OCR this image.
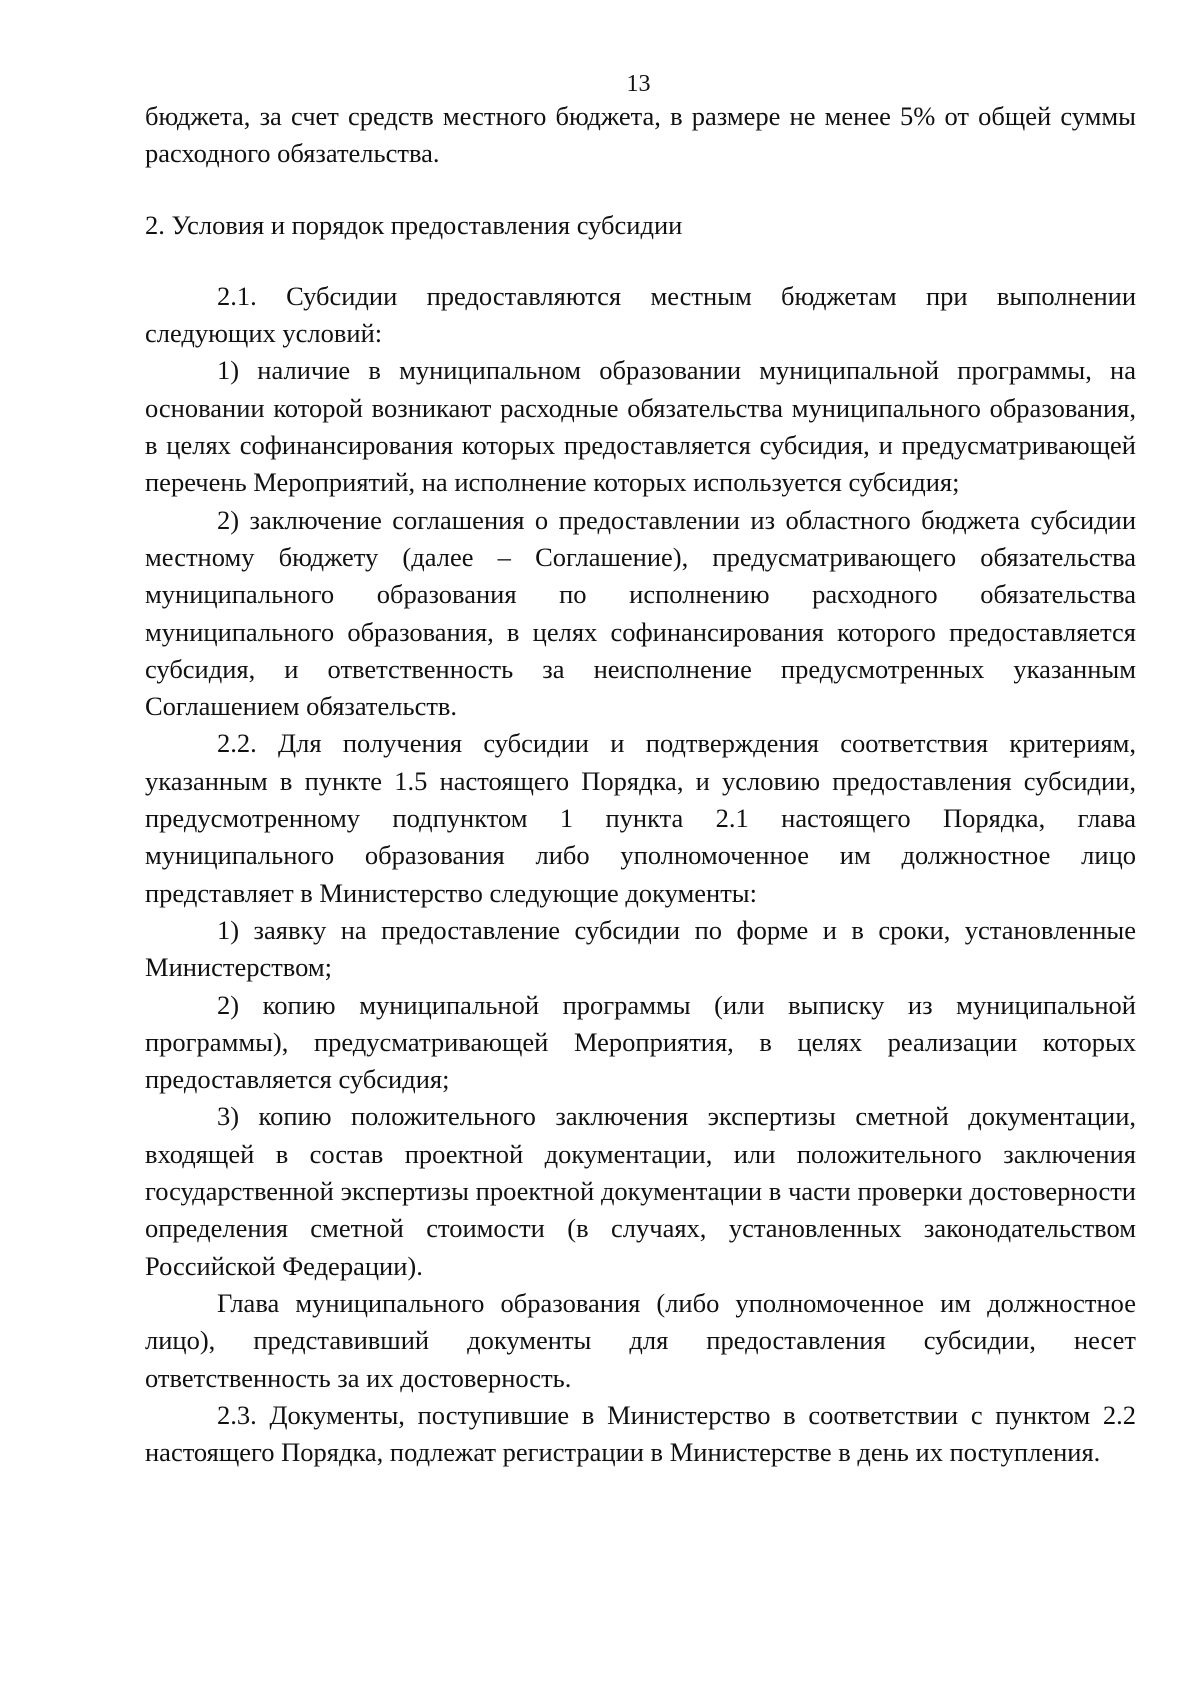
13

бюджета, за счет средств местного бюджета, в размере не менее 5% от общей суммы расходного обязательства.

2. Условия и порядок предоставления субсидии

2.1. Субсидии предоставляются местным бюджетам при выполнении следующих условий:

1) наличие в муниципальном образовании муниципальной программы, на основании которой возникают расходные обязательства муниципального образования, в целях софинансирования которых предоставляется субсидия, и предусматривающей перечень Мероприятий, на исполнение которых используется субсидия;

2) заключение соглашения о предоставлении из областного бюджета субсидии местному бюджету (далее – Соглашение), предусматривающего обязательства муниципального образования по исполнению расходного обязательства муниципального образования, в целях софинансирования которого предоставляется субсидия, и ответственность за неисполнение предусмотренных указанным Соглашением обязательств.

2.2. Для получения субсидии и подтверждения соответствия критериям, указанным в пункте 1.5 настоящего Порядка, и условию предоставления субсидии, предусмотренному подпунктом 1 пункта 2.1 настоящего Порядка, глава муниципального образования либо уполномоченное им должностное лицо представляет в Министерство следующие документы:

1) заявку на предоставление субсидии по форме и в сроки, установленные Министерством;

2) копию муниципальной программы (или выписку из муниципальной программы), предусматривающей Мероприятия, в целях реализации которых предоставляется субсидия;

3) копию положительного заключения экспертизы сметной документации, входящей в состав проектной документации, или положительного заключения государственной экспертизы проектной документации в части проверки достоверности определения сметной стоимости (в случаях, установленных законодательством Российской Федерации).

Глава муниципального образования (либо уполномоченное им должностное лицо), представивший документы для предоставления субсидии, несет ответственность за их достоверность.

2.3. Документы, поступившие в Министерство в соответствии с пунктом 2.2 настоящего Порядка, подлежат регистрации в Министерстве в день их поступления.
